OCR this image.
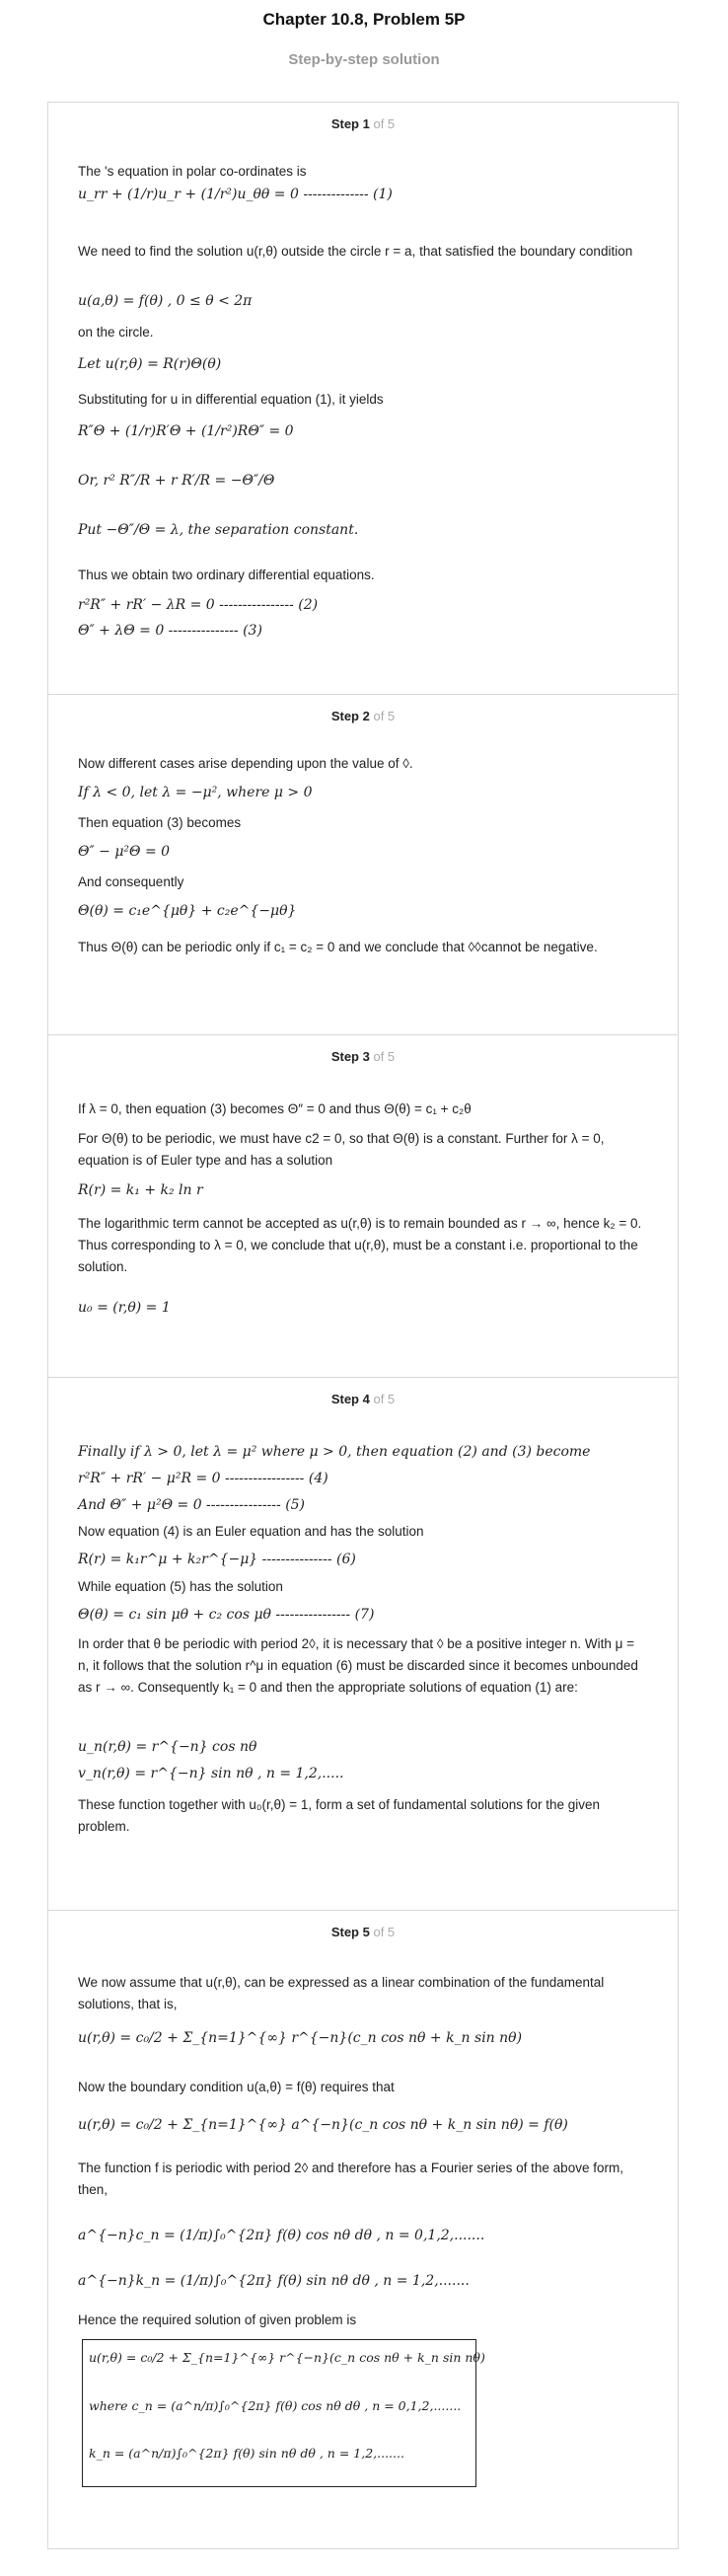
Chapter 10.8, Problem 5P
Step-by-step solution
Step 1 of 5
The 's equation in polar co-ordinates is
u_rr + (1/r)u_r + (1/r²)u_θθ = 0 -------------- (1)
We need to find the solution u(r,θ) outside the circle r = a, that satisfied the boundary condition
u(a,θ) = f(θ) , 0 ≤ θ < 2π
on the circle.
Let u(r,θ) = R(r)Θ(θ)
Substituting for u in differential equation (1), it yields
R″Θ + (1/r)R′Θ + (1/r²)RΘ″ = 0
Or, r² R″/R + r R′/R = −Θ″/Θ
Put −Θ″/Θ = λ, the separation constant.
Thus we obtain two ordinary differential equations.
r²R″ + rR′ − λR = 0 ---------------- (2)
Θ″ + λΘ = 0 --------------- (3)
Step 2 of 5
Now different cases arise depending upon the value of ◊.
If λ < 0, let λ = −μ², where μ > 0
Then equation (3) becomes
Θ″ − μ²Θ = 0
And consequently
Θ(θ) = c₁e^{μθ} + c₂e^{−μθ}
Thus Θ(θ) can be periodic only if c₁ = c₂ = 0 and we conclude that ◊◊cannot be negative.
Step 3 of 5
If λ = 0, then equation (3) becomes Θ″ = 0 and thus Θ(θ) = c₁ + c₂θ
For Θ(θ) to be periodic, we must have c2 = 0, so that Θ(θ) is a constant. Further for λ = 0, equation is of Euler type and has a solution
R(r) = k₁ + k₂ ln r
The logarithmic term cannot be accepted as u(r,θ) is to remain bounded as r → ∞, hence k₂ = 0. Thus corresponding to λ = 0, we conclude that u(r,θ), must be a constant i.e. proportional to the solution.
u₀ = (r,θ) = 1
Step 4 of 5
Finally if λ > 0, let λ = μ² where μ > 0, then equation (2) and (3) become
r²R″ + rR′ − μ²R = 0 ----------------- (4)
And Θ″ + μ²Θ = 0 ---------------- (5)
Now equation (4) is an Euler equation and has the solution
R(r) = k₁r^μ + k₂r^{−μ} --------------- (6)
While equation (5) has the solution
Θ(θ) = c₁ sin μθ + c₂ cos μθ ---------------- (7)
In order that θ be periodic with period 2◊, it is necessary that ◊ be a positive integer n. With μ = n, it follows that the solution r^μ in equation (6) must be discarded since it becomes unbounded as r → ∞. Consequently k₁ = 0 and then the appropriate solutions of equation (1) are:
u_n(r,θ) = r^{−n} cos nθ
v_n(r,θ) = r^{−n} sin nθ , n = 1,2,.....
These function together with u₀(r,θ) = 1, form a set of fundamental solutions for the given problem.
Step 5 of 5
We now assume that u(r,θ), can be expressed as a linear combination of the fundamental solutions, that is,
u(r,θ) = c₀/2 + Σ_{n=1}^{∞} r^{−n}(c_n cos nθ + k_n sin nθ)
Now the boundary condition u(a,θ) = f(θ) requires that
u(r,θ) = c₀/2 + Σ_{n=1}^{∞} a^{−n}(c_n cos nθ + k_n sin nθ) = f(θ)
The function f is periodic with period 2◊ and therefore has a Fourier series of the above form, then,
a^{−n}c_n = (1/π)∫₀^{2π} f(θ) cos nθ dθ , n = 0,1,2,.......
a^{−n}k_n = (1/π)∫₀^{2π} f(θ) sin nθ dθ , n = 1,2,.......
Hence the required solution of given problem is
u(r,θ) = c₀/2 + Σ_{n=1}^{∞} r^{−n}(c_n cos nθ + k_n sin nθ)
where c_n = (a^n/π)∫₀^{2π} f(θ) cos nθ dθ , n = 0,1,2,.......
k_n = (a^n/π)∫₀^{2π} f(θ) sin nθ dθ , n = 1,2,.......
